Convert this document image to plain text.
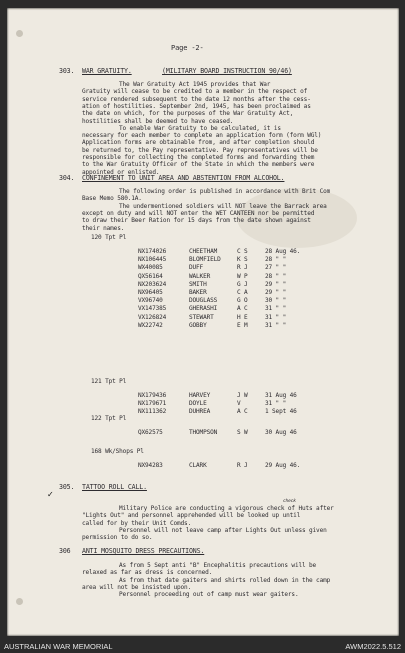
Page -2-
303. WAR GRATUITY.	(MILITARY BOARD INSTRUCTION 90/46)
304. CONFINEMENT TO UNIT AREA AND ABSTENTION FROM ALCOHOL.
305. TATTOO ROLL CALL.
check
306 ANTI MOSQUITO DRESS PRECAUTIONS.
✓
The War Gratuity Act 1945 provides that War
Gratuity will cease to be credited to a member in the respect of
service rendered subsequent to the date 12 months after the cess-
ation of hostilities. September 2nd, 1945, has been proclaimed as
the date on which, for the purposes of the War Gratuity Act,
hostilities shall be deemed to have ceased.
To enable War Gratuity to be calculated, it is
necessary for each member to complete an application form (form WGl)
Application forms are obtainable from, and after completion should
be returned to, the Pay representative. Pay representatives will be
responsible for collecting the completed forms and forwarding them
to the War Gratuity Officer of the State in which the members were
appointed or enlisted.
The following order is published in accordance with Brit Com
Base Memo 580.1A.
The undermentioned soldiers will NOT leave the Barrack area
except on duty and will NOT enter the WET CANTEEN nor be permitted
to draw their Beer Ration for 15 days from the date shown against
their names.
Military Police are conducting a vigorous check of Huts after
"Lights Out" and personnel apprehended will be looked up until
called for by their Unit Comds.
Personnel will not leave camp after Lights Out unless given
permission to do so.
As from 5 Sept anti "B" Encephalitis precautions will be
relaxed as far as dress is concerned.
As from that date gaiters and shirts rolled down in the camp
area will not be insisted upon.
Personnel proceeding out of camp must wear gaiters.
120 Tpt Pl
NX174026	CHEETHAM	C S	28 Aug 46.
NX106445	BLOMFIELD	K S	28 " "
WX40085	DUFF	R J	27 " "
QX56164	WALKER	W P	28 " "
NX203624	SMITH	G J	29 " "
NX96405	BAKER	C A	29 " "
VX96740	DOUGLASS	G O	30 " "
VX147385	GHERASHI	A C	31 " "
VX126824	STEWART	H E	31 " "
WX22742	GOBBY	E M	31 " "
121 Tpt Pl
NX179436	HARVEY	J W	31 Aug 46
NX179671	DOYLE	V	31 " "
NX111362	DUHREA	A C	1 Sept 46
122 Tpt Pl
QX62575	THOMPSON	S W	30 Aug 46
168 Wk/Shops Pl
NX94283	CLARK	R J	29 Aug 46.
AUSTRALIAN WAR MEMORIAL	AWM2022.5.512
